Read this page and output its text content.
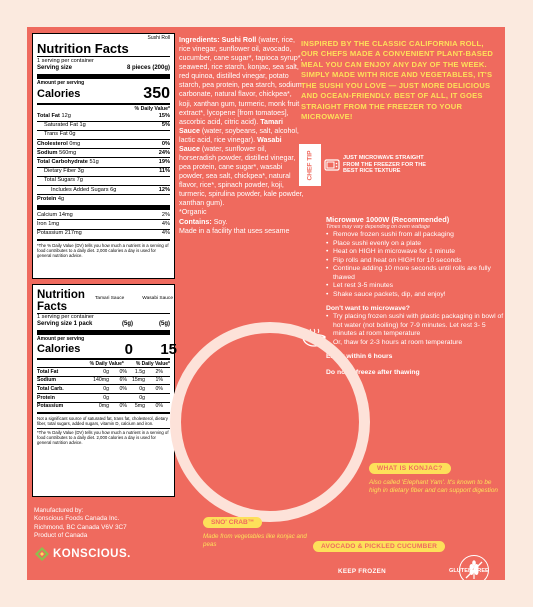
Sushi Roll
Nutrition Facts
1 serving per container
Serving size	8 pieces (200g)
Amount per serving
Calories	350
% Daily Value*
Total Fat 12g	15%
Saturated Fat 1g	5%
Trans Fat 0g
Cholesterol 0mg	0%
Sodium 560mg	24%
Total Carbohydrate 51g	19%
Dietary Fiber 3g	11%
Total Sugars 7g
Includes Added Sugars 6g	12%
Protein 4g
Calcium 14mg	2%
Iron 1mg	4%
Potassium 217mg	4%
*The % Daily Value (DV) tells you how much a nutrient in a serving of food contributes to a daily diet. 2,000 calories a day is used for general nutrition advice.
Tamari Sauce	Wasabi Sauce
Nutrition Facts
1 serving per container
Serving size 1 pack	(5g)	(5g)
Amount per serving
Calories	0	15
% Daily Value* % Daily Value*
Total Fat	0g	0%	1.5g	2%
Sodium	140mg	6% 15mg	1%
Total Carb.	0g	0%	0g	0%
Protein	0g	0g
Potassium	0mg	0%	5mg	0%
Not a significant source of saturated fat, trans fat, cholesterol, dietary fiber, total sugars, added sugars, vitamin D, calcium and iron.
*The % Daily Value (DV) tells you how much a nutrient in a serving of food contributes to a daily diet. 2,000 calories a day is used for general nutrition advice.
Manufactured by:
Konscious Foods Canada Inc.
Richmond, BC Canada V6V 3C7
Product of Canada
KONSCIOUS.
Ingredients: Sushi Roll (water, rice, rice vinegar, sunflower oil, avocado, cucumber, cane sugar*, tapioca syrup*, seaweed, rice starch, konjac, sea salt, red quinoa, distilled vinegar, potato starch, pea protein, pea starch, sodium carbonate, natural flavor, chickpea*, koji, xanthan gum, turmeric, monk fruit extract*, lycopene [from tomatoes], ascorbic acid, citric acid). Tamari Sauce (water, soybeans, salt, alcohol, lactic acid, rice vinegar). Wasabi Sauce (water, sunflower oil, horseradish powder, distilled vinegar, pea protein, cane sugar*, wasabi powder, sea salt, chickpea*, natural flavor, rice*, spinach powder, koji, turmeric, spirulina powder, kale powder, xanthan gum).
*Organic
Contains: Soy.
Made in a facility that uses sesame
INSPIRED BY THE CLASSIC CALIFORNIA ROLL, OUR CHEFS MADE A CONVENIENT PLANT-BASED MEAL YOU CAN ENJOY ANY DAY OF THE WEEK. SIMPLY MADE WITH RICE AND VEGETABLES, IT'S THE SUSHI YOU LOVE — JUST MORE DELICIOUS AND OCEAN-FRIENDLY. BEST OF ALL, IT GOES STRAIGHT FROM THE FREEZER TO YOUR MICROWAVE!
CHEF TIP	JUST MICROWAVE STRAIGHT FROM THE FREEZER FOR THE BEST RICE TEXTURE
Microwave 1000W (Recommended)
Times may vary depending on oven wattage
• Remove frozen sushi from all packaging
• Place sushi evenly on a plate
• Heat on HIGH in microwave for 1 minute
• Flip rolls and heat on HIGH for 10 seconds
• Continue adding 10 more seconds until rolls are fully thawed
• Let rest 3-5 minutes
• Shake sauce packets, dip, and enjoy!
Don't want to microwave?
• Try placing frozen sushi with plastic packaging in bowl of hot water (not boiling) for 7-9 minutes. Let rest 3- 5 minutes at room temperature
• Or, thaw for 2-3 hours at room temperature
Enjoy within 6 hours
Do not refreeze after thawing
WHAT IS KONJAC?
Also called 'Elephant Yam'. It's known to be high in dietary fiber and can support digestion
SNO' CRAB™
Made from vegetables like konjac and peas	AVOCADO & PICKLED CUCUMBER
KEEP FROZEN	GLUTEN-FREE
